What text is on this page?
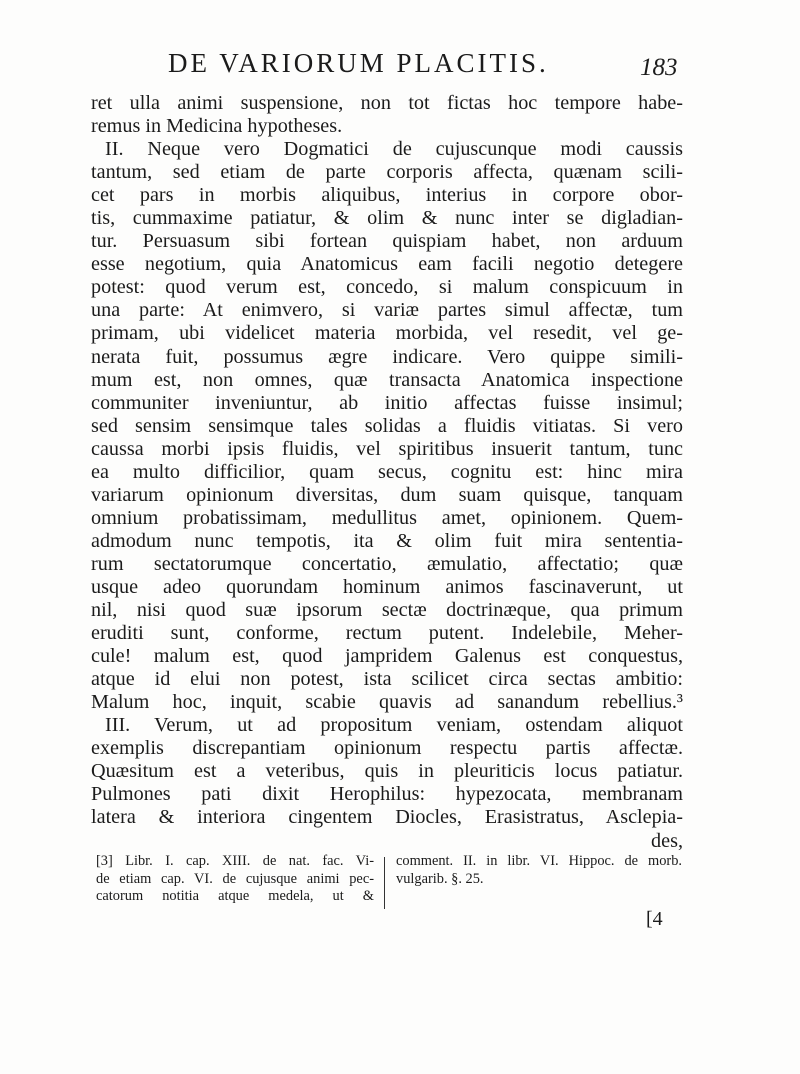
DE VARIORUM PLACITIS.	183
ret ulla animi suspensione, non tot fictas hoc tempore habe-
remus in Medicina hypotheses.
II. Neque vero Dogmatici de cujuscunque modi caussis
tantum, sed etiam de parte corporis affecta, quænam scili-
cet pars in morbis aliquibus, interius in corpore obor-
tis, cummaxime patiatur, & olim & nunc inter se digladian-
tur. Persuasum sibi fortean quispiam habet, non arduum
esse negotium, quia Anatomicus eam facili negotio detegere
potest: quod verum est, concedo, si malum conspicuum in
una parte: At enimvero, si variæ partes simul affectæ, tum
primam, ubi videlicet materia morbida, vel resedit, vel ge-
nerata fuit, possumus ægre indicare. Vero quippe simili-
mum est, non omnes, quæ transacta Anatomica inspectione
communiter inveniuntur, ab initio affectas fuisse insimul;
sed sensim sensimque tales solidas a fluidis vitiatas. Si vero
caussa morbi ipsis fluidis, vel spiritibus insuerit tantum, tunc
ea multo difficilior, quam secus, cognitu est: hinc mira
variarum opinionum diversitas, dum suam quisque, tanquam
omnium probatissimam, medullitus amet, opinionem. Quem-
admodum nunc tempotis, ita & olim fuit mira sententia-
rum sectatorumque concertatio, æmulatio, affectatio; quæ
usque adeo quorundam hominum animos fascinaverunt, ut
nil, nisi quod suæ ipsorum sectæ doctrinæque, qua primum
eruditi sunt, conforme, rectum putent. Indelebile, Meher-
cule! malum est, quod jampridem Galenus est conquestus,
atque id elui non potest, ista scilicet circa sectas ambitio:
Malum hoc, inquit, scabie quavis ad sanandum rebellius.³
III. Verum, ut ad propositum veniam, ostendam aliquot
exemplis discrepantiam opinionum respectu partis affectæ.
Quæsitum est a veteribus, quis in pleuriticis locus patiatur.
Pulmones pati dixit Herophilus: hypezocata, membranam
latera & interiora cingentem Diocles, Erasistratus, Asclepia-
des,
[3] Libr. I. cap. XIII. de nat. fac. Vi-
de etiam cap. VI. de cujusque animi pec-
catorum notitia atque medela, ut &
comment. II. in libr. VI. Hippoc. de morb.
vulgarib. §. 25.
[4
